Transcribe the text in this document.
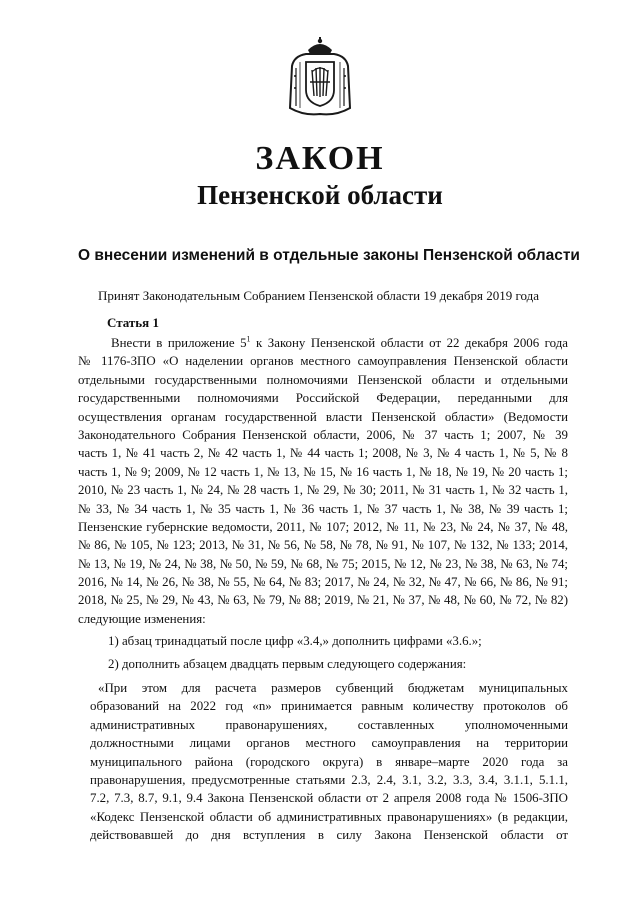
ЗАКОН
Пензенской области
О внесении изменений в отдельные законы Пензенской области
Принят Законодательным Собранием Пензенской области 19 декабря 2019 года
Статья 1
Внести в приложение $5^1$ к Закону Пензенской области от 22 декабря 2006 года
№ 1176-ЗПО «О наделении органов местного самоуправления Пензенской области
отдельными государственными полномочиями Пензенской области и отдельными
государственными полномочиями Российской Федерации, переданными для
осуществления органам государственной власти Пензенской области» (Ведомости
Законодательного Собрания Пензенской области, 2006, № 37 часть 1; 2007, № 39
часть 1, № 41 часть 2, № 42 часть 1, № 44 часть 1; 2008, № 3, № 4 часть 1, № 5, № 8
часть 1, № 9; 2009, № 12 часть 1, № 13, № 15, № 16 часть 1, № 18, № 19, № 20 часть 1;
2010, № 23 часть 1, № 24, № 28 часть 1, № 29, № 30; 2011, № 31 часть 1, № 32 часть 1,
№ 33, № 34 часть 1, № 35 часть 1, № 36 часть 1, № 37 часть 1, № 38, № 39 часть 1;
Пензенские губернские ведомости, 2011, № 107; 2012, № 11, № 23, № 24, № 37, № 48,
№ 86, № 105, № 123; 2013, № 31, № 56, № 58, № 78, № 91, № 107, № 132, № 133; 2014,
№ 13, № 19, № 24, № 38, № 50, № 59, № 68, № 75; 2015, № 12, № 23, № 38, № 63, № 74;
2016, № 14, № 26, № 38, № 55, № 64, № 83; 2017, № 24, № 32, № 47, № 66, № 86, № 91;
2018, № 25, № 29, № 43, № 63, № 79, № 88; 2019, № 21, № 37, № 48, № 60, № 72, № 82)
следующие изменения:
1) абзац тринадцатый после цифр «3.4,» дополнить цифрами «3.6.»;
2) дополнить абзацем двадцать первым следующего содержания:
«При этом для расчета размеров субвенций бюджетам муниципальных
образований на 2022 год «n» принимается равным количеству протоколов об
административных правонарушениях, составленных уполномоченными
должностными лицами органов местного самоуправления на территории
муниципального района (городского округа) в январе–марте 2020 года за
правонарушения, предусмотренные статьями 2.3, 2.4, 3.1, 3.2, 3.3, 3.4, 3.1.1, 5.1.1,
7.2, 7.3, 8.7, 9.1, 9.4 Закона Пензенской области от 2 апреля 2008 года № 1506-ЗПО
«Кодекс Пензенской области об административных правонарушениях» (в редакции,
действовавшей до дня вступления в силу Закона Пензенской области от
